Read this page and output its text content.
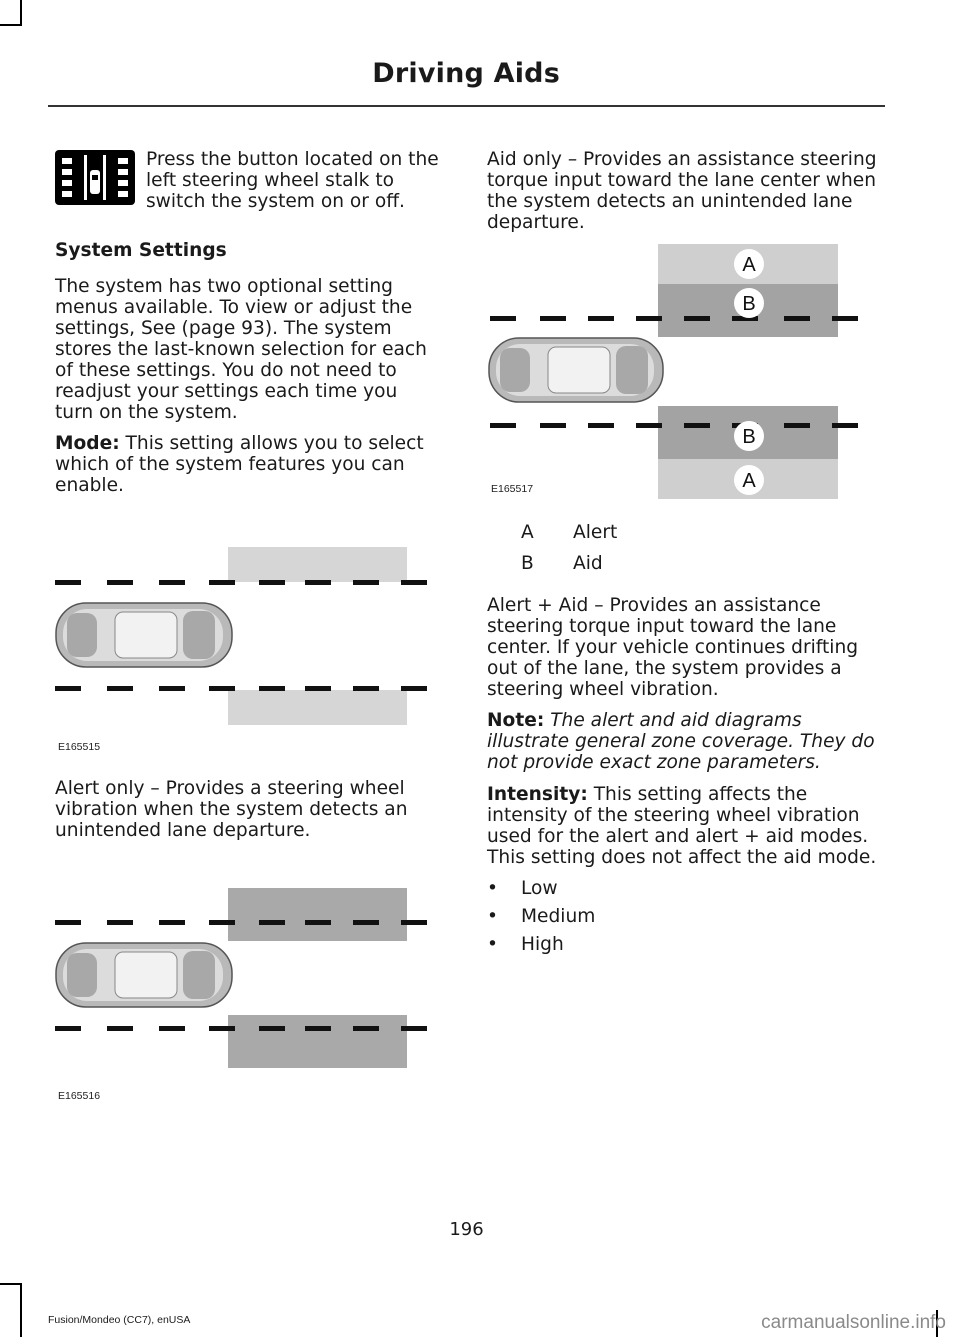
Driving Aids

Press the button located on the left steering wheel stalk to switch the system on or off.

System Settings

The system has two optional setting menus available. To view or adjust the settings, See (page 93). The system stores the last-known selection for each of these settings. You do not need to readjust your settings each time you turn on the system.

Mode: This setting allows you to select which of the system features you can enable.

E165515

Alert only – Provides a steering wheel vibration when the system detects an unintended lane departure.

E165516

Aid only – Provides an assistance steering torque input toward the lane center when the system detects an unintended lane departure.

A
B
B
A
E165517
A	Alert
B	Aid

Alert + Aid – Provides an assistance steering torque input toward the lane center. If your vehicle continues drifting out of the lane, the system provides a steering wheel vibration.

Note: The alert and aid diagrams illustrate general zone coverage. They do not provide exact zone parameters.

Intensity: This setting affects the intensity of the steering wheel vibration used for the alert and alert + aid modes. This setting does not affect the aid mode.

•	Low
•	Medium
•	High
196
Fusion/Mondeo (CC7), enUSA	carmanualsonline.info
